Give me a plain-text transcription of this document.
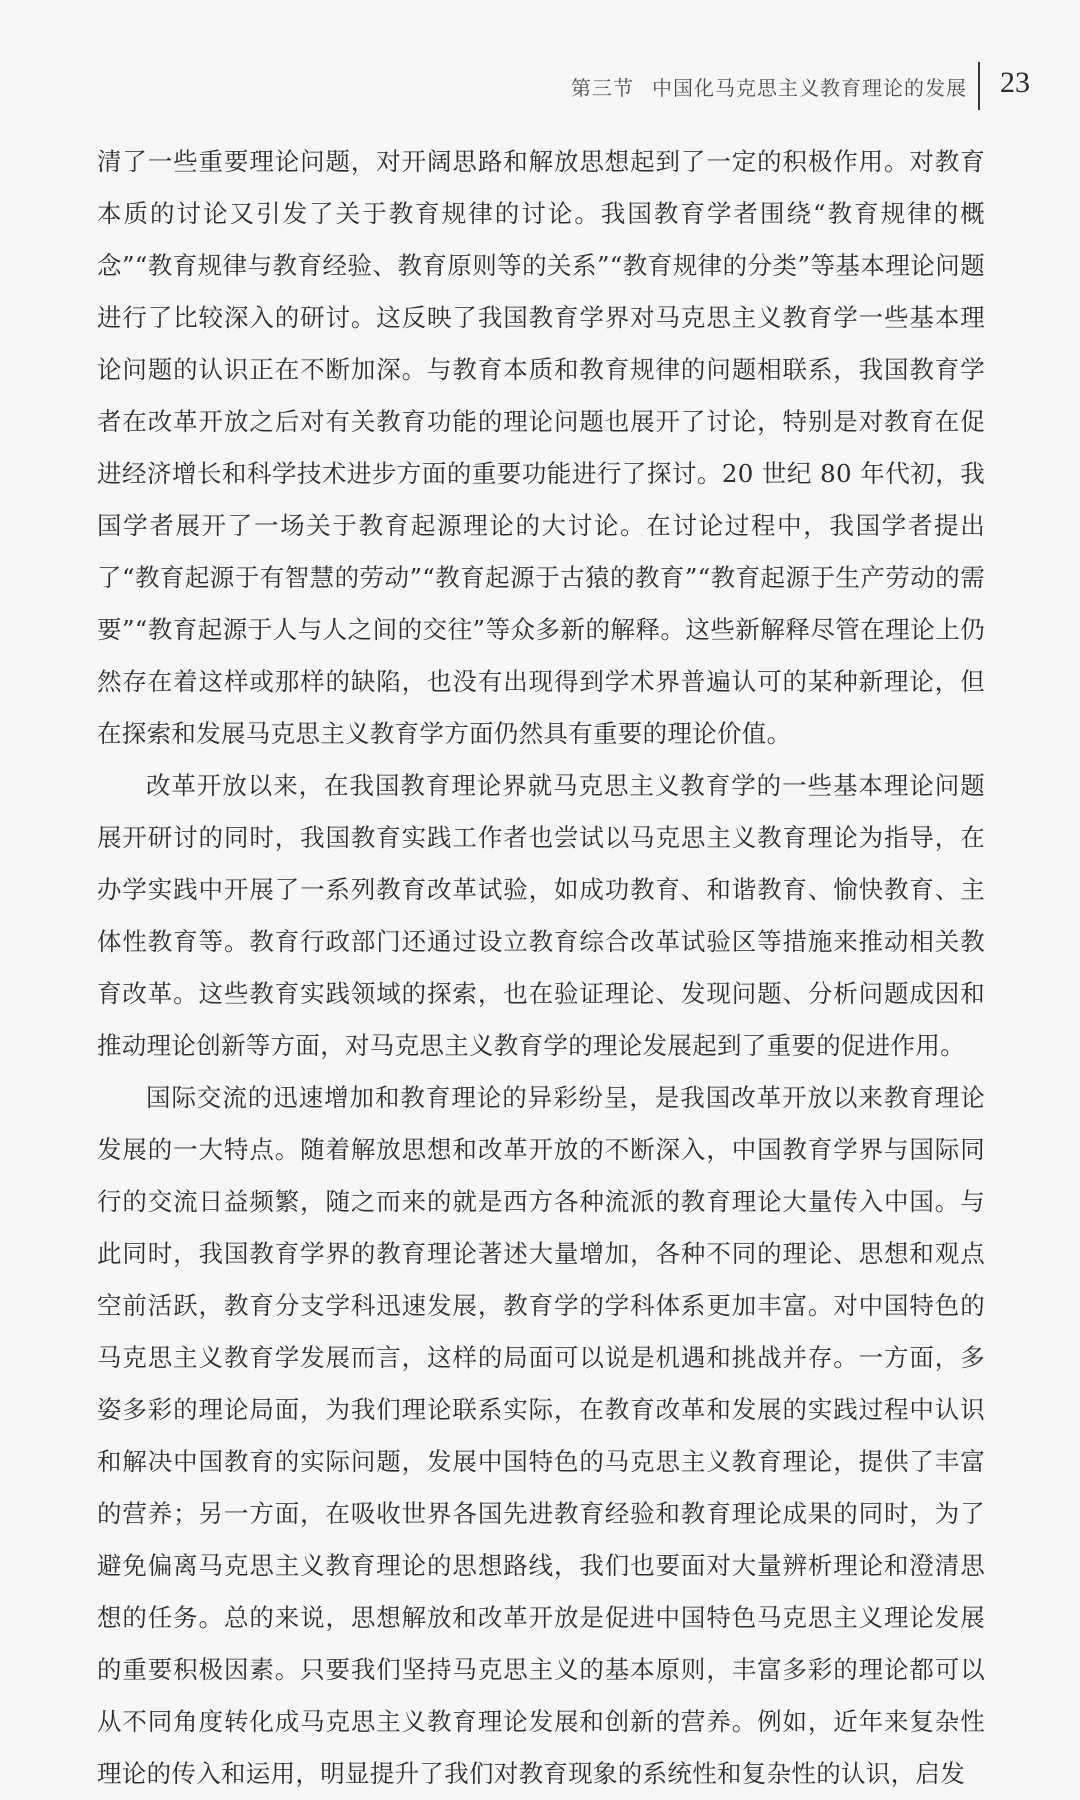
第三节 中国化马克思主义教育理论的发展 23

清了一些重要理论问题，对开阔思路和解放思想起到了一定的积极作用。对教育本质的讨论又引发了关于教育规律的讨论。我国教育学者围绕“教育规律的概念”“教育规律与教育经验、教育原则等的关系”“教育规律的分类”等基本理论问题进行了比较深入的研讨。这反映了我国教育学界对马克思主义教育学一些基本理论问题的认识正在不断加深。与教育本质和教育规律的问题相联系，我国教育学者在改革开放之后对有关教育功能的理论问题也展开了讨论，特别是对教育在促进经济增长和科学技术进步方面的重要功能进行了探讨。20 世纪 80 年代初，我国学者展开了一场关于教育起源理论的大讨论。在讨论过程中，我国学者提出了“教育起源于有智慧的劳动”“教育起源于古猿的教育”“教育起源于生产劳动的需要”“教育起源于人与人之间的交往”等众多新的解释。这些新解释尽管在理论上仍然存在着这样或那样的缺陷，也没有出现得到学术界普遍认可的某种新理论，但在探索和发展马克思主义教育学方面仍然具有重要的理论价值。

改革开放以来，在我国教育理论界就马克思主义教育学的一些基本理论问题展开研讨的同时，我国教育实践工作者也尝试以马克思主义教育理论为指导，在办学实践中开展了一系列教育改革试验，如成功教育、和谐教育、愉快教育、主体性教育等。教育行政部门还通过设立教育综合改革试验区等措施来推动相关教育改革。这些教育实践领域的探索，也在验证理论、发现问题、分析问题成因和推动理论创新等方面，对马克思主义教育学的理论发展起到了重要的促进作用。

国际交流的迅速增加和教育理论的异彩纷呈，是我国改革开放以来教育理论发展的一大特点。随着解放思想和改革开放的不断深入，中国教育学界与国际同行的交流日益频繁，随之而来的就是西方各种流派的教育理论大量传入中国。与此同时，我国教育学界的教育理论著述大量增加，各种不同的理论、思想和观点空前活跃，教育分支学科迅速发展，教育学的学科体系更加丰富。对中国特色的马克思主义教育学发展而言，这样的局面可以说是机遇和挑战并存。一方面，多姿多彩的理论局面，为我们理论联系实际，在教育改革和发展的实践过程中认识和解决中国教育的实际问题，发展中国特色的马克思主义教育理论，提供了丰富的营养；另一方面，在吸收世界各国先进教育经验和教育理论成果的同时，为了避免偏离马克思主义教育理论的思想路线，我们也要面对大量辨析理论和澄清思想的任务。总的来说，思想解放和改革开放是促进中国特色马克思主义理论发展的重要积极因素。只要我们坚持马克思主义的基本原则，丰富多彩的理论都可以从不同角度转化成马克思主义教育理论发展和创新的营养。例如，近年来复杂性理论的传入和运用，明显提升了我们对教育现象的系统性和复杂性的认识，启发
